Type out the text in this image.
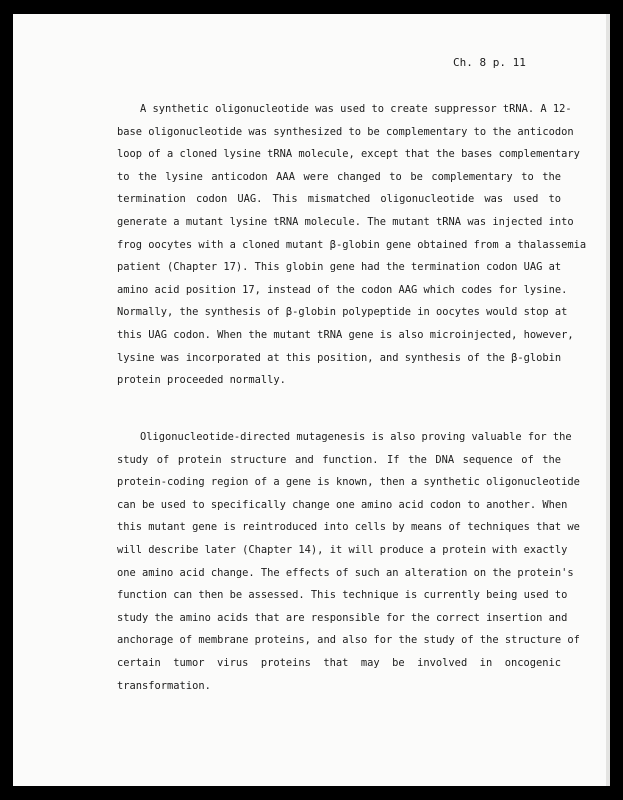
Ch. 8 p. 11

A synthetic oligonucleotide was used to create suppressor tRNA. A 12-
base oligonucleotide was synthesized to be complementary to the anticodon
loop of a cloned lysine tRNA molecule, except that the bases complementary
to the lysine anticodon AAA were changed to be complementary to the
termination codon UAG. This mismatched oligonucleotide was used to
generate a mutant lysine tRNA molecule. The mutant tRNA was injected into
frog oocytes with a cloned mutant β-globin gene obtained from a thalassemia
patient (Chapter 17). This globin gene had the termination codon UAG at
amino acid position 17, instead of the codon AAG which codes for lysine.
Normally, the synthesis of β-globin polypeptide in oocytes would stop at
this UAG codon. When the mutant tRNA gene is also microinjected, however,
lysine was incorporated at this position, and synthesis of the β-globin
protein proceeded normally.

Oligonucleotide-directed mutagenesis is also proving valuable for the
study of protein structure and function. If the DNA sequence of the
protein-coding region of a gene is known, then a synthetic oligonucleotide
can be used to specifically change one amino acid codon to another. When
this mutant gene is reintroduced into cells by means of techniques that we
will describe later (Chapter 14), it will produce a protein with exactly
one amino acid change. The effects of such an alteration on the protein's
function can then be assessed. This technique is currently being used to
study the amino acids that are responsible for the correct insertion and
anchorage of membrane proteins, and also for the study of the structure of
certain tumor virus proteins that may be involved in oncogenic
transformation.
